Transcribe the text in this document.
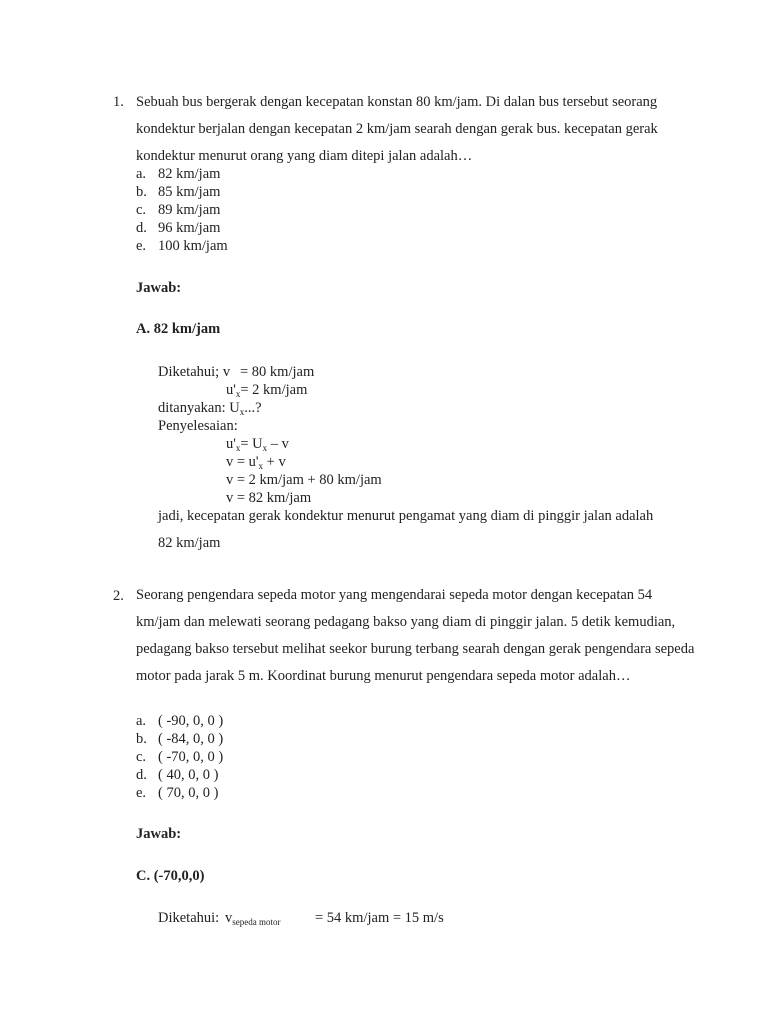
1. Sebuah bus bergerak dengan kecepatan konstan 80 km/jam. Di dalan bus tersebut seorang kondektur berjalan dengan kecepatan 2 km/jam searah dengan gerak bus. kecepatan gerak kondektur menurut orang yang diam ditepi jalan adalah…
a. 82 km/jam
b. 85 km/jam
c. 89 km/jam
d. 96 km/jam
e. 100 km/jam
Jawab:
A. 82 km/jam
Diketahui; v = 80 km/jam
$u'_x= 2$ km/jam
ditanyakan: $U_x$...?
Penyelesaian:
$u'_x= U_x - v$
$v = u'_x + v$
v = 2 km/jam + 80 km/jam
v = 82 km/jam
jadi, kecepatan gerak kondektur menurut pengamat yang diam di pinggir jalan adalah
82 km/jam
2. Seorang pengendara sepeda motor yang mengendarai sepeda motor dengan kecepatan 54 km/jam dan melewati seorang pedagang bakso yang diam di pinggir jalan. 5 detik kemudian, pedagang bakso tersebut melihat seekor burung terbang searah dengan gerak pengendara sepeda motor pada jarak 5 m. Koordinat burung menurut pengendara sepeda motor adalah…
a. ( -90, 0, 0 )
b. ( -84, 0, 0 )
c. ( -70, 0, 0 )
d. ( 40, 0, 0 )
e. ( 70, 0, 0 )
Jawab:
C. (-70,0,0)
Diketahui: $v_{sepeda motor} = 54$ km/jam = 15 m/s
